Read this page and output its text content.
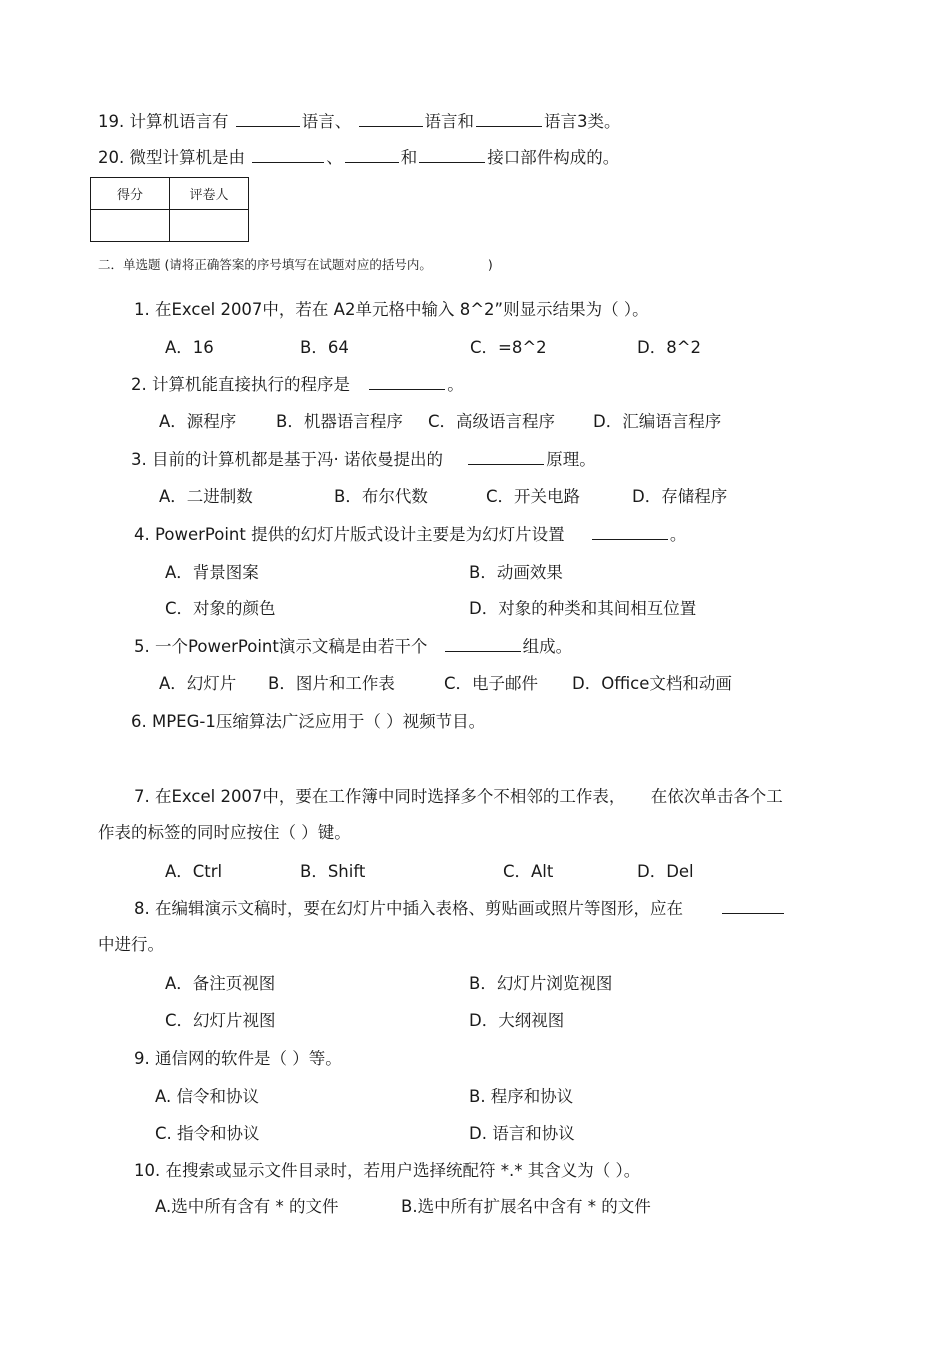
19. 计算机语言有	语言、	语言和	语言3类。
20. 微型计算机是由	、	和	接口部件构成的。
得分	评卷人

二．单选题 (请将正确答案的序号填写在试题对应的括号内。	)
1. 在Excel 2007中，若在 A2单元格中输入 8^2”则显示结果为（ ）。
A．16	B．64	C．=8^2	D．8^2
2. 计算机能直接执行的程序是	。
A．源程序 B．机器语言程序 C．高级语言程序 D．汇编语言程序
3. 目前的计算机都是基于冯· 诺依曼提出的	原理。
A．二进制数	B．布尔代数	C．开关电路	D．存储程序
4. PowerPoint 提供的幻灯片版式设计主要是为幻灯片设置	。
A．背景图案	B．动画效果
C．对象的颜色	D．对象的种类和其间相互位置
5. 一个PowerPoint演示文稿是由若干个	组成。
A．幻灯片 B．图片和工作表	C．电子邮件 D．Office文档和动画
6. MPEG-1压缩算法广泛应用于（ ）视频节目。
7. 在Excel 2007中，要在工作簿中同时选择多个不相邻的工作表， 在依次单击各个工
作表的标签的同时应按住（ ）键。
A．Ctrl	B．Shift	C．Alt	D．Del
8. 在编辑演示文稿时，要在幻灯片中插入表格、剪贴画或照片等图形，应在
中进行。
A．备注页视图	B．幻灯片浏览视图
C．幻灯片视图	D．大纲视图
9. 通信网的软件是（ ）等。
A. 信令和协议	B. 程序和协议
C. 指令和协议	D. 语言和协议
10. 在搜索或显示文件目录时，若用户选择统配符 *.* 其含义为（ ）。
A.选中所有含有 * 的文件	B.选中所有扩展名中含有 * 的文件
